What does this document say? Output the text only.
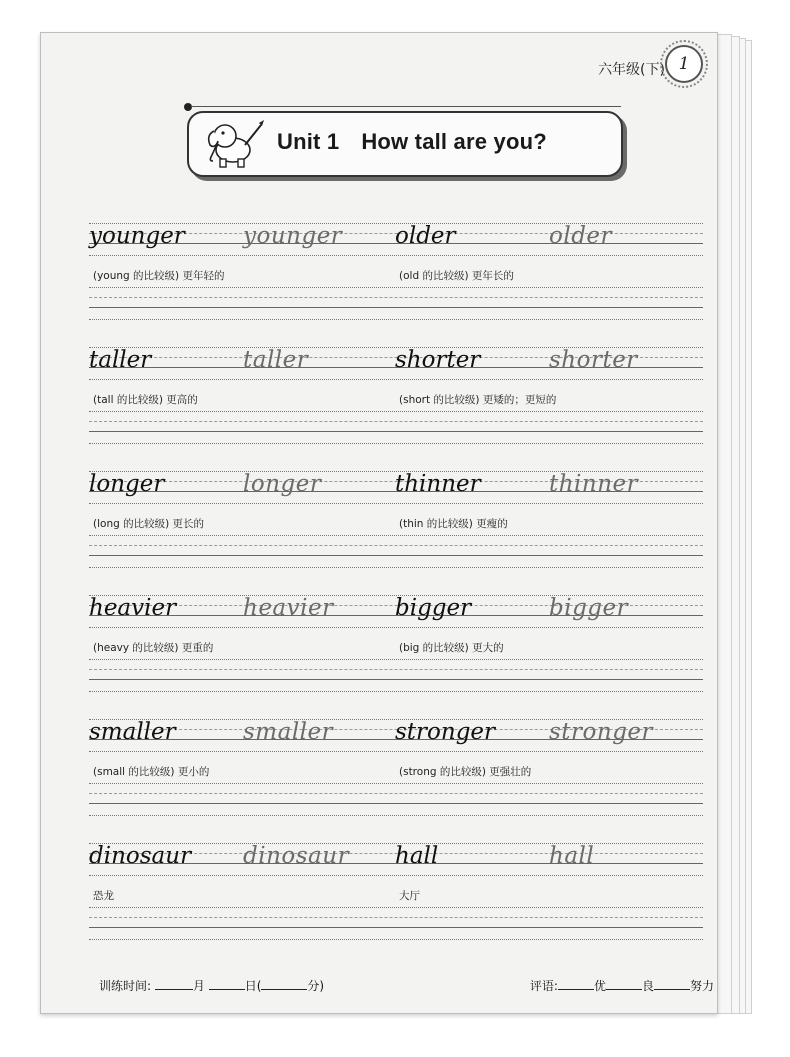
六年级(下) 1
Unit 1 How tall are you?
younger	younger older	older
(young 的比较级) 更年轻的	(old 的比较级) 更年长的
taller	taller	shorter	shorter
(tall 的比较级) 更高的	(short 的比较级) 更矮的；更短的
longer	longer	thinner	thinner
(long 的比较级) 更长的	(thin 的比较级) 更瘦的
heavier	heavier	bigger	bigger
(heavy 的比较级) 更重的	(big 的比较级) 更大的
smaller	smaller	stronger stronger
(small 的比较级) 更小的	(strong 的比较级) 更强壮的
dinosaur dinosaur hall	hall
恐龙	大厅
训练时间:	月	日(	分)	评语:	优	良	努力
